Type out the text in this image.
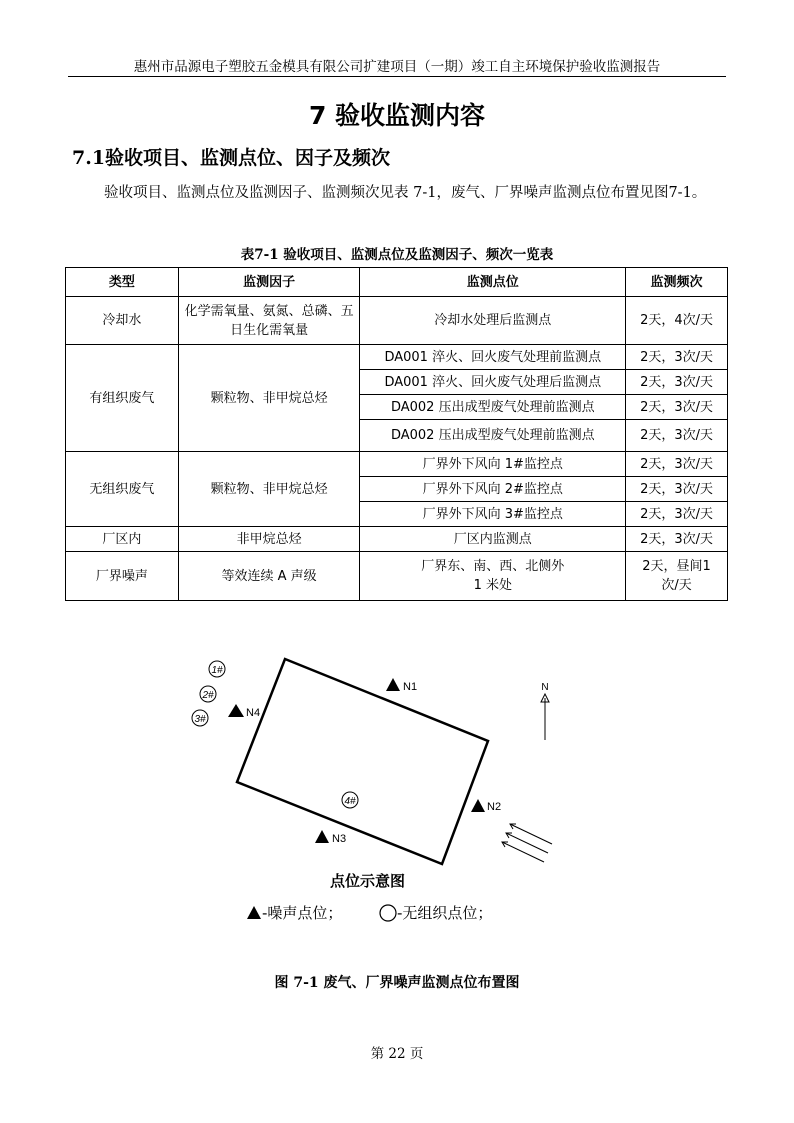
惠州市品源电子塑胶五金模具有限公司扩建项目（一期）竣工自主环境保护验收监测报告
7 验收监测内容
7.1验收项目、监测点位、因子及频次
验收项目、监测点位及监测因子、监测频次见表 7-1，废气、厂界噪声监测点位布置见图7-1。
表7-1 验收项目、监测点位及监测因子、频次一览表
类型	监测因子	监测点位	监测频次
冷却水	化学需氧量、氨氮、总磷、五日生化需氧量	冷却水处理后监测点	2天，4次/天
有组织废气	颗粒物、非甲烷总烃	DA001 淬火、回火废气处理前监测点	2天，3次/天
		DA001 淬火、回火废气处理后监测点	2天，3次/天
		DA002 压出成型废气处理前监测点	2天，3次/天
		DA002 压出成型废气处理前监测点	2天，3次/天
无组织废气	颗粒物、非甲烷总烃	厂界外下风向 1#监控点	2天，3次/天
		厂界外下风向 2#监控点	2天，3次/天
		厂界外下风向 3#监控点	2天，3次/天
厂区内	非甲烷总烃	厂区内监测点	2天，3次/天
厂界噪声	等效连续 A 声级	厂界东、南、西、北侧外 1 米处	2天，昼间1次/天
1#
2#
3#
4#
N4
N1
N2
N3
N
点位示意图
-噪声点位；	-无组织点位；
图 7-1 废气、厂界噪声监测点位布置图
第 22 页
